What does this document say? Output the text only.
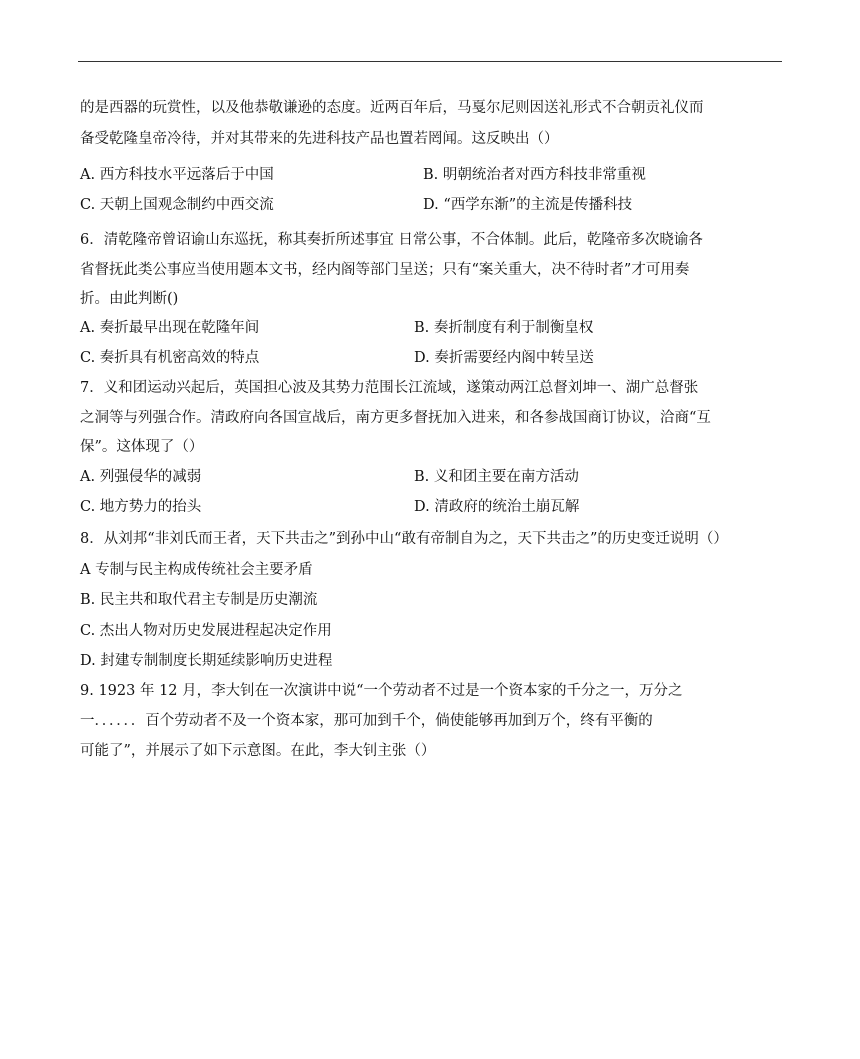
的是西器的玩赏性，以及他恭敬谦逊的态度。近两百年后，马戛尔尼则因送礼形式不合朝贡礼仪而
备受乾隆皇帝冷待，并对其带来的先进科技产品也置若罔闻。这反映出（）
A. 西方科技水平远落后于中国	B. 明朝统治者对西方科技非常重视
C. 天朝上国观念制约中西交流	D. “西学东渐”的主流是传播科技
6．清乾隆帝曾诏谕山东巡抚，称其奏折所述事宜 日常公事，不合体制。此后，乾隆帝多次晓谕各
省督抚此类公事应当使用题本文书，经内阁等部门呈送；只有“案关重大，决不待时者”才可用奏
折。由此判断()
A. 奏折最早出现在乾隆年间	B. 奏折制度有利于制衡皇权
C. 奏折具有机密高效的特点	D. 奏折需要经内阁中转呈送
7．义和团运动兴起后，英国担心波及其势力范围长江流域，遂策动两江总督刘坤一、湖广总督张
之洞等与列强合作。清政府向各国宣战后，南方更多督抚加入进来，和各参战国商订协议，洽商“互
保”。这体现了（）
A. 列强侵华的减弱	B. 义和团主要在南方活动
C. 地方势力的抬头	D. 清政府的统治土崩瓦解
8．从刘邦“非刘氏而王者，天下共击之”到孙中山“敢有帝制自为之，天下共击之”的历史变迁说明（）
A 专制与民主构成传统社会主要矛盾
B. 民主共和取代君主专制是历史潮流
C. 杰出人物对历史发展进程起决定作用
D. 封建专制制度长期延续影响历史进程
9. 1923 年 12 月，李大钊在一次演讲中说“一个劳动者不过是一个资本家的千分之一，万分之
一．．．．．．百个劳动者不及一个资本家，那可加到千个，倘使能够再加到万个，终有平衡的
可能了”，并展示了如下示意图。在此，李大钊主张（）
